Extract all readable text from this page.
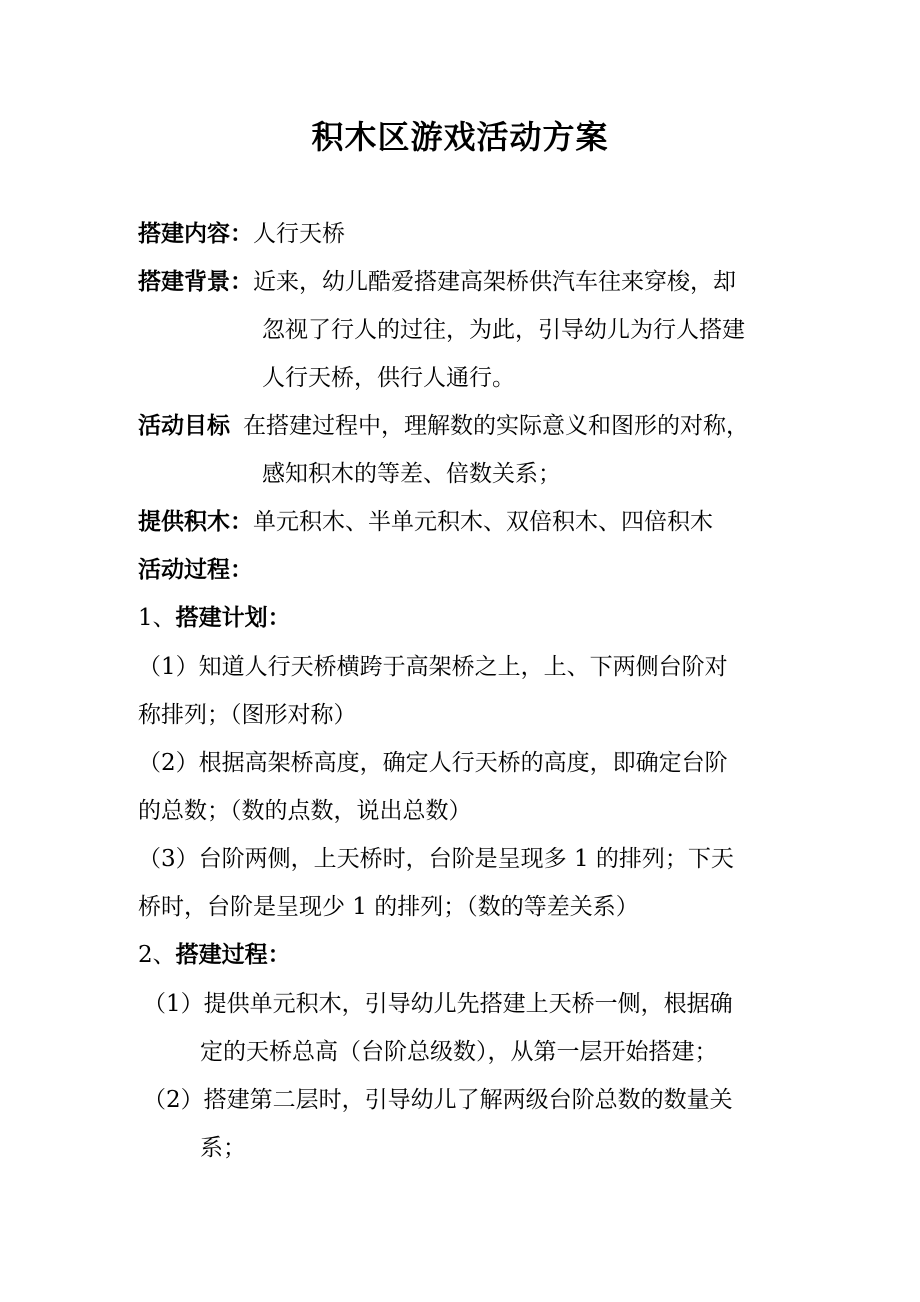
积木区游戏活动方案
搭建内容：人行天桥
搭建背景：近来，幼儿酷爱搭建高架桥供汽车往来穿梭，却
忽视了行人的过往，为此，引导幼儿为行人搭建
人行天桥，供行人通行。
活动目标 在搭建过程中，理解数的实际意义和图形的对称，
感知积木的等差、倍数关系；
提供积木：单元积木、半单元积木、双倍积木、四倍积木
活动过程：
1、搭建计划：
（1）知道人行天桥横跨于高架桥之上，上、下两侧台阶对
称排列；（图形对称）
（2）根据高架桥高度，确定人行天桥的高度，即确定台阶
的总数；（数的点数，说出总数）
（3）台阶两侧，上天桥时，台阶是呈现多 1 的排列；下天
桥时，台阶是呈现少 1 的排列；（数的等差关系）
2、搭建过程：
（1）提供单元积木，引导幼儿先搭建上天桥一侧，根据确
定的天桥总高（台阶总级数），从第一层开始搭建；
（2）搭建第二层时，引导幼儿了解两级台阶总数的数量关
系；
